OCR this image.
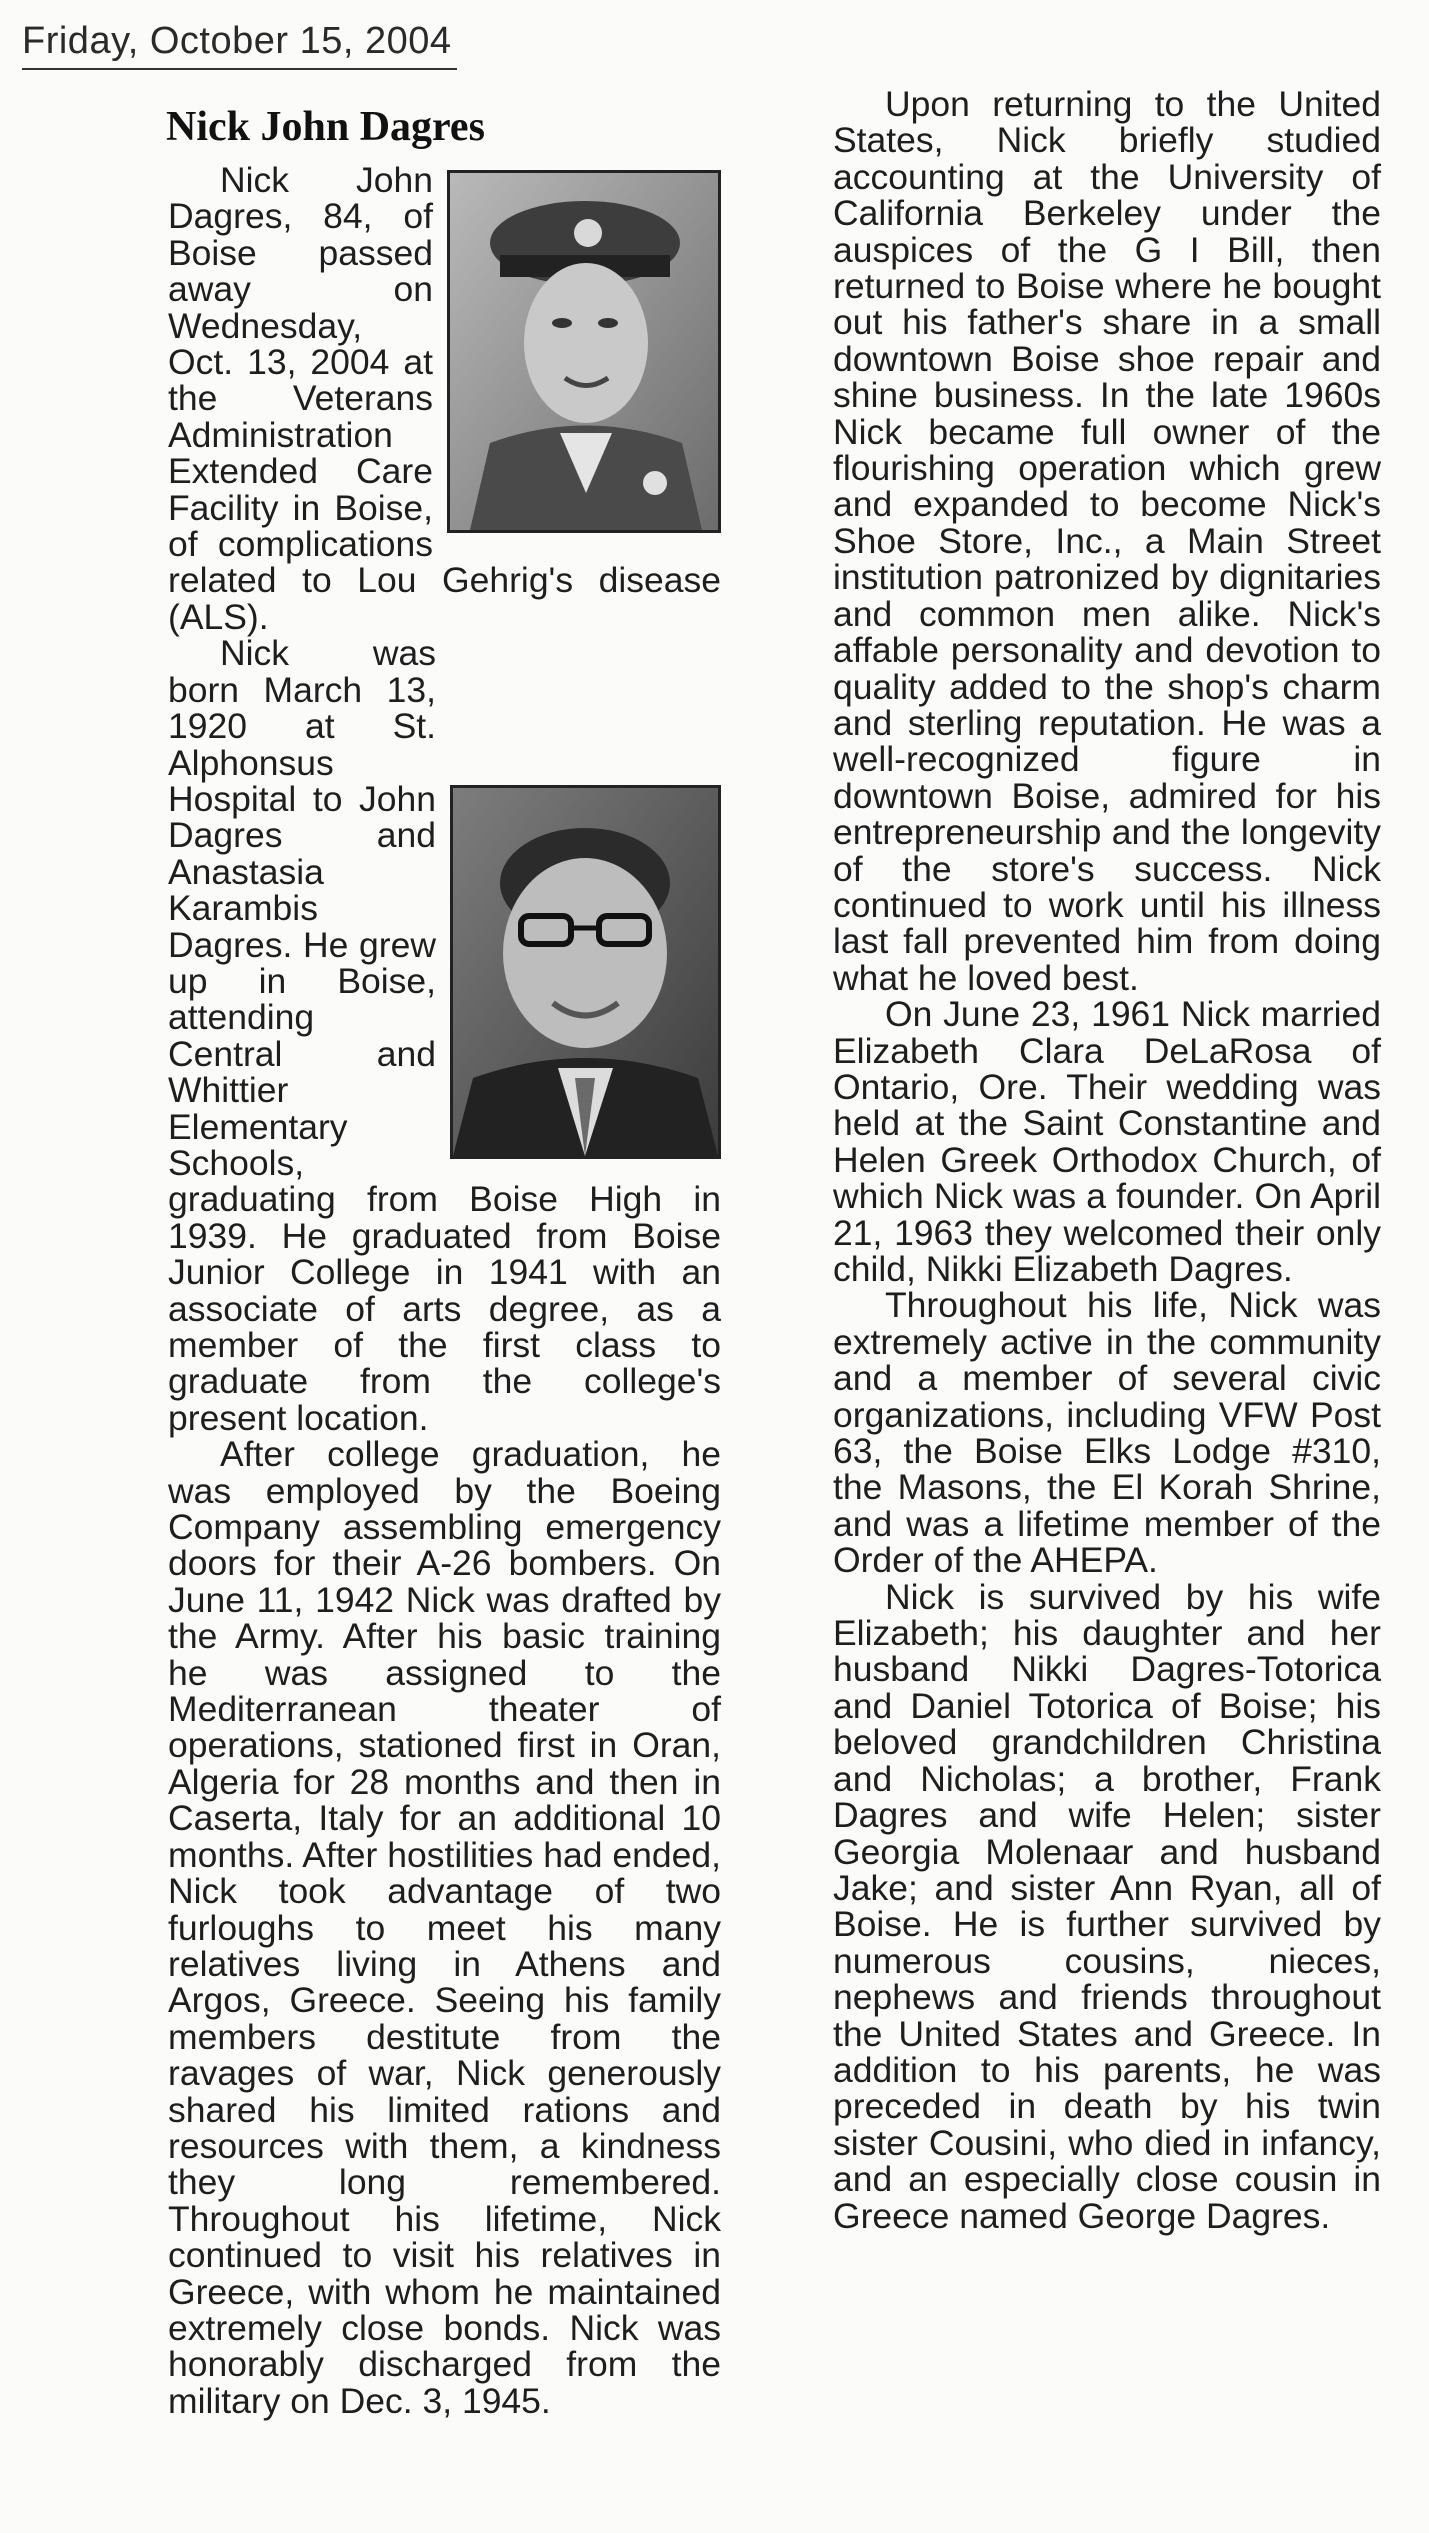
Friday, October 15, 2004
Nick John Dagres

Nick John Dagres, 84, of Boise passed away on Wednesday, Oct. 13, 2004 at the Veterans Administration Extended Care Facility in Boise, of complications related to Lou Gehrig's disease (ALS).

Nick was born March 13, 1920 at St. Alphonsus Hospital to John Dagres and Anastasia Karambis Dagres. He grew up in Boise, attending Central and Whittier Elementary Schools, graduating from Boise High in 1939. He graduated from Boise Junior College in 1941 with an associate of arts degree, as a member of the first class to graduate from the college's present location.

After college graduation, he was employed by the Boeing Company assembling emergency doors for their A-26 bombers. On June 11, 1942 Nick was drafted by the Army. After his basic training he was assigned to the Mediterranean theater of operations, stationed first in Oran, Algeria for 28 months and then in Caserta, Italy for an additional 10 months. After hostilities had ended, Nick took advantage of two furloughs to meet his many relatives living in Athens and Argos, Greece. Seeing his family members destitute from the ravages of war, Nick generously shared his limited rations and resources with them, a kindness they long remembered. Throughout his lifetime, Nick continued to visit his relatives in Greece, with whom he maintained extremely close bonds. Nick was honorably discharged from the military on Dec. 3, 1945.

Upon returning to the United States, Nick briefly studied accounting at the University of California Berkeley under the auspices of the G I Bill, then returned to Boise where he bought out his father's share in a small downtown Boise shoe repair and shine business. In the late 1960s Nick became full owner of the flourishing operation which grew and expanded to become Nick's Shoe Store, Inc., a Main Street institution patronized by dignitaries and common men alike. Nick's affable personality and devotion to quality added to the shop's charm and sterling reputation. He was a well-recognized figure in downtown Boise, admired for his entrepreneurship and the longevity of the store's success. Nick continued to work until his illness last fall prevented him from doing what he loved best.

On June 23, 1961 Nick married Elizabeth Clara DeLaRosa of Ontario, Ore. Their wedding was held at the Saint Constantine and Helen Greek Orthodox Church, of which Nick was a founder. On April 21, 1963 they welcomed their only child, Nikki Elizabeth Dagres.

Throughout his life, Nick was extremely active in the community and a member of several civic organizations, including VFW Post 63, the Boise Elks Lodge #310, the Masons, the El Korah Shrine, and was a lifetime member of the Order of the AHEPA.

Nick is survived by his wife Elizabeth; his daughter and her husband Nikki Dagres-Totorica and Daniel Totorica of Boise; his beloved grandchildren Christina and Nicholas; a brother, Frank Dagres and wife Helen; sister Georgia Molenaar and husband Jake; and sister Ann Ryan, all of Boise. He is further survived by numerous cousins, nieces, nephews and friends throughout the United States and Greece. In addition to his parents, he was preceded in death by his twin sister Cousini, who died in infancy, and an especially close cousin in Greece named George Dagres.
